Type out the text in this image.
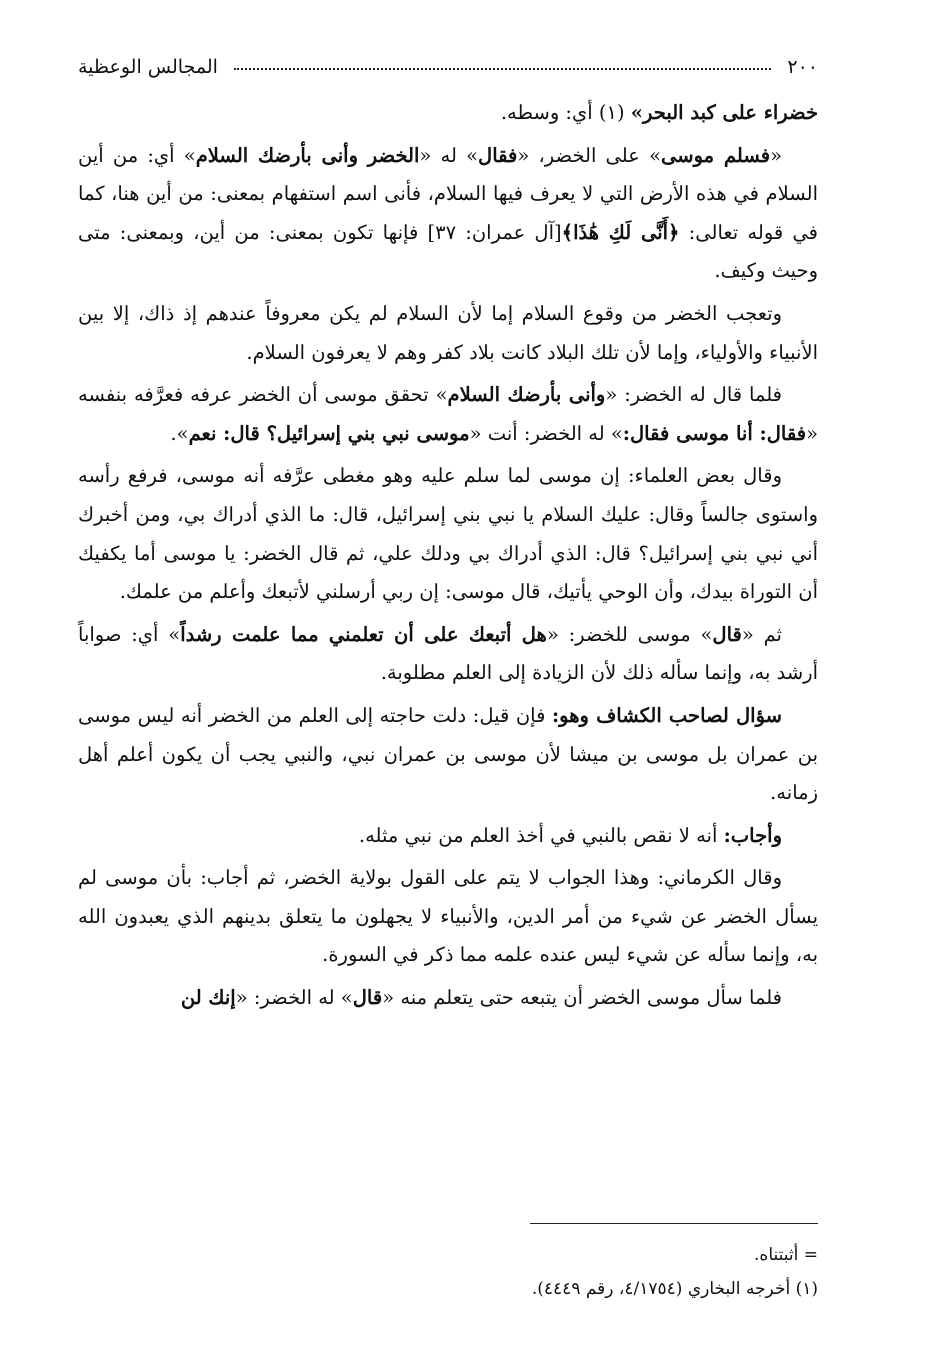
٢٠٠
المجالس الوعظية

خضراء على كبد البحر» (١) أي: وسطه.

«فسلم موسى» على الخضر، «فقال» له «الخضر وأنى بأرضك السلام» أي: من أين السلام في هذه الأرض التي لا يعرف فيها السلام، فأنى اسم استفهام بمعنى: من أين هنا، كما في قوله تعالى: ﴿أَنَّى لَكِ هَٰذَا﴾[آل عمران: ٣٧] فإنها تكون بمعنى: من أين، وبمعنى: متى وحيث وكيف.

وتعجب الخضر من وقوع السلام إما لأن السلام لم يكن معروفاً عندهم إذ ذاك، إلا بين الأنبياء والأولياء، وإما لأن تلك البلاد كانت بلاد كفر وهم لا يعرفون السلام.

فلما قال له الخضر: «وأنى بأرضك السلام» تحقق موسى أن الخضر عرفه فعرَّفه بنفسه «فقال: أنا موسى فقال:» له الخضر: أنت «موسى نبي بني إسرائيل؟ قال: نعم».

وقال بعض العلماء: إن موسى لما سلم عليه وهو مغطى عرَّفه أنه موسى، فرفع رأسه واستوى جالساً وقال: عليك السلام يا نبي بني إسرائيل، قال: ما الذي أدراك بي، ومن أخبرك أني نبي بني إسرائيل؟ قال: الذي أدراك بي ودلك علي، ثم قال الخضر: يا موسى أما يكفيك أن التوراة بيدك، وأن الوحي يأتيك، قال موسى: إن ربي أرسلني لأتبعك وأعلم من علمك.

ثم «قال» موسى للخضر: «هل أتبعك على أن تعلمني مما علمت رشداً» أي: صواباً أرشد به، وإنما سأله ذلك لأن الزيادة إلى العلم مطلوبة.

سؤال لصاحب الكشاف وهو: فإن قيل: دلت حاجته إلى العلم من الخضر أنه ليس موسى بن عمران بل موسى بن ميشا لأن موسى بن عمران نبي، والنبي يجب أن يكون أعلم أهل زمانه.

وأجاب: أنه لا نقص بالنبي في أخذ العلم من نبي مثله.

وقال الكرماني: وهذا الجواب لا يتم على القول بولاية الخضر، ثم أجاب: بأن موسى لم يسأل الخضر عن شيء من أمر الدين، والأنبياء لا يجهلون ما يتعلق بدينهم الذي يعبدون الله به، وإنما سأله عن شيء ليس عنده علمه مما ذكر في السورة.

فلما سأل موسى الخضر أن يتبعه حتى يتعلم منه «قال» له الخضر: «إنك لن

= أثبتناه.
(١) أخرجه البخاري (٤/١٧٥٤، رقم ٤٤٤٩).
